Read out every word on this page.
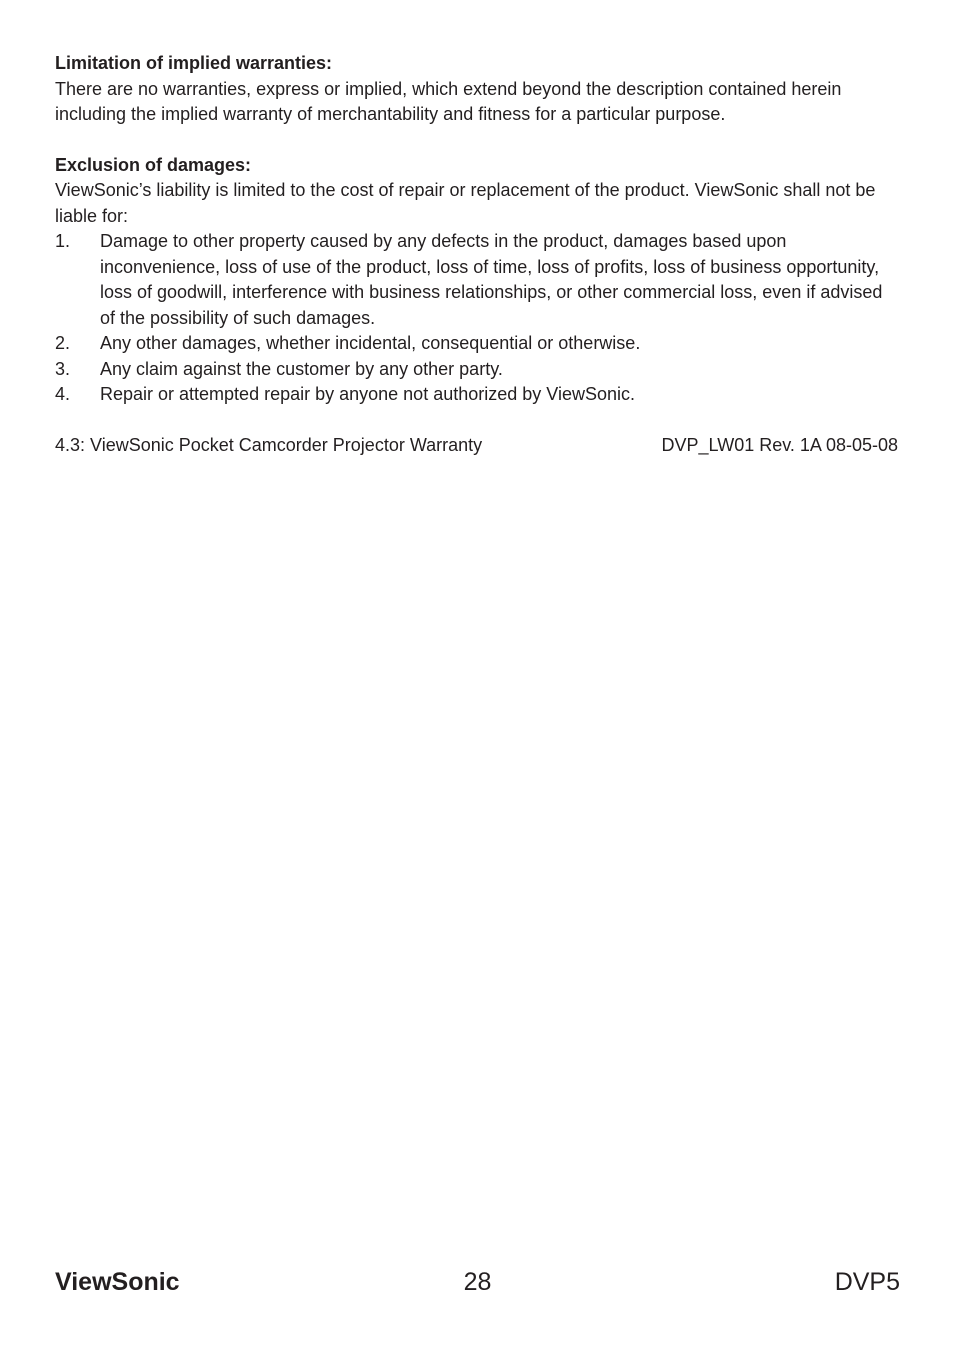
Limitation of implied warranties:

There are no warranties, express or implied, which extend beyond the description contained herein including the implied warranty of merchantability and fitness for a particular purpose.

Exclusion of damages:

ViewSonic’s liability is limited to the cost of repair or replacement of the product. ViewSonic shall not be liable for:

1.	Damage to other property caused by any defects in the product, damages based upon inconvenience, loss of use of the product, loss of time, loss of profits, loss of business opportunity, loss of goodwill, interference with business relationships, or other commercial loss, even if advised of the possibility of such damages.
2.	Any other damages, whether incidental, consequential or otherwise.
3.	Any claim against the customer by any other party.
4.	Repair or attempted repair by anyone not authorized by ViewSonic.
4.3: ViewSonic Pocket Camcorder Projector Warranty	DVP_LW01 Rev. 1A 08-05-08
28
ViewSonic	DVP5
